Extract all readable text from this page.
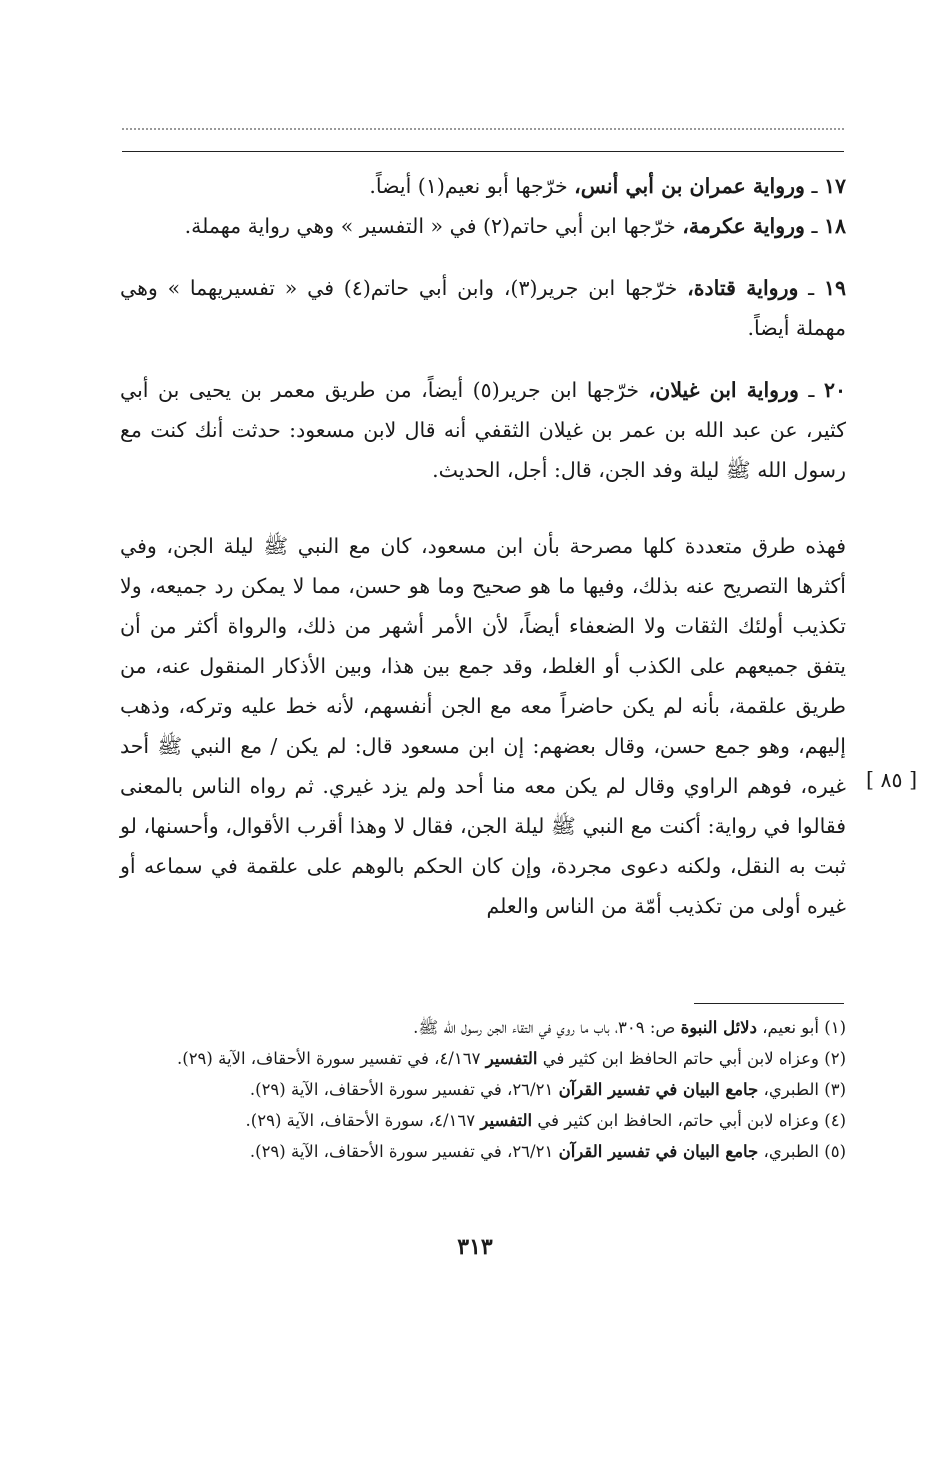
١٧ ـ ورواية عمران بن أبي أنس، خرّجها أبو نعيم(١) أيضاً.

١٨ ـ ورواية عكرمة، خرّجها ابن أبي حاتم(٢) في « التفسير » وهي رواية مهملة.

١٩ ـ ورواية قتادة، خرّجها ابن جرير(٣)، وابن أبي حاتم(٤) في « تفسيريهما » وهي مهملة أيضاً.

٢٠ ـ ورواية ابن غيلان، خرّجها ابن جرير(٥) أيضاً، من طريق معمر بن يحيى بن أبي كثير، عن عبد الله بن عمر بن غيلان الثقفي أنه قال لابن مسعود: حدثت أنك كنت مع رسول الله ﷺ ليلة وفد الجن، قال: أجل، الحديث.

فهذه طرق متعددة كلها مصرحة بأن ابن مسعود، كان مع النبي ﷺ ليلة الجن، وفي أكثرها التصريح عنه بذلك، وفيها ما هو صحيح وما هو حسن، مما لا يمكن رد جميعه، ولا تكذيب أولئك الثقات ولا الضعفاء أيضاً، لأن الأمر أشهر من ذلك، والرواة أكثر من أن يتفق جميعهم على الكذب أو الغلط، وقد جمع بين هذا، وبين الأذكار المنقول عنه، من طريق علقمة، بأنه لم يكن حاضراً معه مع الجن أنفسهم، لأنه خط عليه وتركه، وذهب إليهم، وهو جمع حسن، وقال بعضهم: إن ابن مسعود قال: لم يكن / مع النبي ﷺ أحد غيره، فوهم الراوي وقال لم يكن معه منا أحد ولم يزد غيري. ثم رواه الناس بالمعنى فقالوا في رواية: أكنت مع النبي ﷺ ليلة الجن، فقال لا وهذا أقرب الأقوال، وأحسنها، لو ثبت به النقل، ولكنه دعوى مجردة، وإن كان الحكم بالوهم على علقمة في سماعه أو غيره أولى من تكذيب أمّة من الناس والعلم

[ ٨٥ ]

(١) أبو نعيم، دلائل النبوة ص: ٣٠٩، باب ما روي في التقاء الجن رسول الله ﷺ.

(٢) وعزاه لابن أبي حاتم الحافظ ابن كثير في التفسير ٤/١٦٧، في تفسير سورة الأحقاف، الآية (٢٩).

(٣) الطبري، جامع البيان في تفسير القرآن ٢٦/٢١، في تفسير سورة الأحقاف، الآية (٢٩).

(٤) وعزاه لابن أبي حاتم، الحافظ ابن كثير في التفسير ٤/١٦٧، سورة الأحقاف، الآية (٢٩).

(٥) الطبري، جامع البيان في تفسير القرآن ٢٦/٢١، في تفسير سورة الأحقاف، الآية (٢٩).

٣١٣
